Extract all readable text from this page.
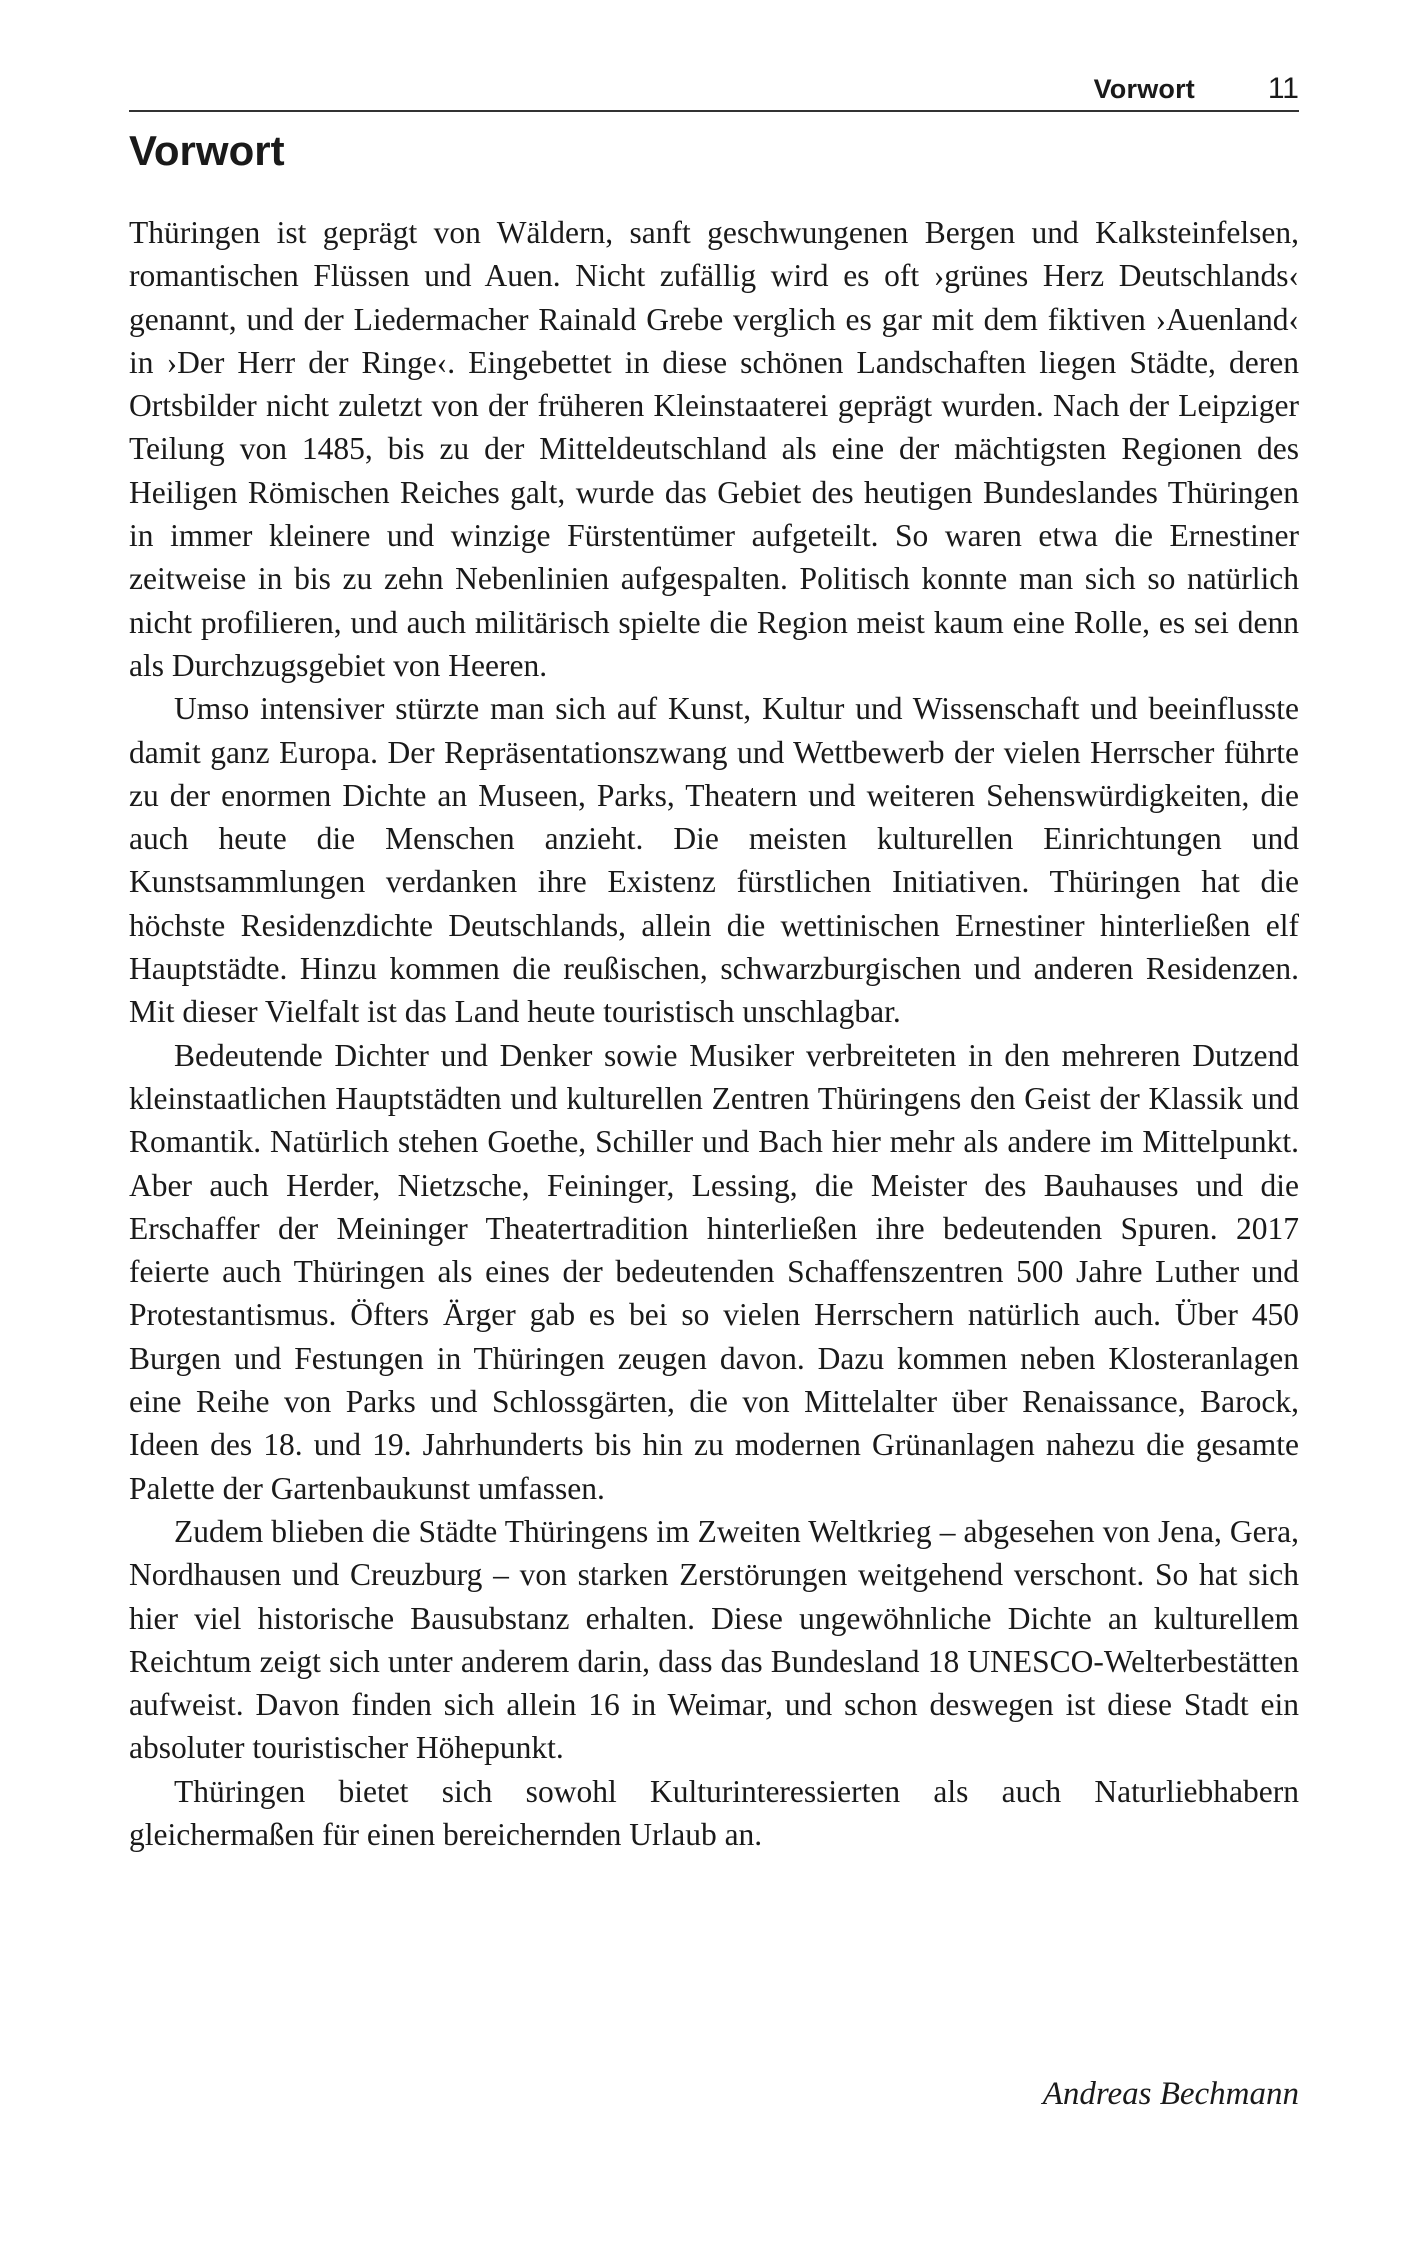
Vorwort 11
Vorwort

Thüringen ist geprägt von Wäldern, sanft geschwungenen Bergen und Kalksteinfelsen, romantischen Flüssen und Auen. Nicht zufällig wird es oft ›grünes Herz Deutschlands‹ genannt, und der Liedermacher Rainald Grebe verglich es gar mit dem fiktiven ›Auenland‹ in ›Der Herr der Ringe‹. Eingebettet in diese schönen Landschaften liegen Städte, deren Ortsbilder nicht zuletzt von der früheren Kleinstaaterei geprägt wurden. Nach der Leipziger Teilung von 1485, bis zu der Mitteldeutschland als eine der mächtigsten Regionen des Heiligen Römischen Reiches galt, wurde das Gebiet des heutigen Bundeslandes Thüringen in immer kleinere und winzige Fürstentümer aufgeteilt. So waren etwa die Ernestiner zeitweise in bis zu zehn Nebenlinien aufgespalten. Politisch konnte man sich so natürlich nicht profilieren, und auch militärisch spielte die Region meist kaum eine Rolle, es sei denn als Durchzugsgebiet von Heeren.

Umso intensiver stürzte man sich auf Kunst, Kultur und Wissenschaft und beeinflusste damit ganz Europa. Der Repräsentationszwang und Wettbewerb der vielen Herrscher führte zu der enormen Dichte an Museen, Parks, Theatern und weiteren Sehenswürdigkeiten, die auch heute die Menschen anzieht. Die meisten kulturellen Einrichtungen und Kunstsammlungen verdanken ihre Existenz fürstlichen Initiativen. Thüringen hat die höchste Residenzdichte Deutschlands, allein die wettinischen Ernestiner hinterließen elf Hauptstädte. Hinzu kommen die reußischen, schwarzburgischen und anderen Residenzen. Mit dieser Vielfalt ist das Land heute touristisch unschlagbar.

Bedeutende Dichter und Denker sowie Musiker verbreiteten in den mehreren Dutzend kleinstaatlichen Hauptstädten und kulturellen Zentren Thüringens den Geist der Klassik und Romantik. Natürlich stehen Goethe, Schiller und Bach hier mehr als andere im Mittelpunkt. Aber auch Herder, Nietzsche, Feininger, Lessing, die Meister des Bauhauses und die Erschaffer der Meininger Theatertradition hinterließen ihre bedeutenden Spuren. 2017 feierte auch Thüringen als eines der bedeutenden Schaffenszentren 500 Jahre Luther und Protestantismus. Öfters Ärger gab es bei so vielen Herrschern natürlich auch. Über 450 Burgen und Festungen in Thüringen zeugen davon. Dazu kommen neben Klosteranlagen eine Reihe von Parks und Schlossgärten, die von Mittelalter über Renaissance, Barock, Ideen des 18. und 19. Jahrhunderts bis hin zu modernen Grünanlagen nahezu die gesamte Palette der Gartenbaukunst umfassen.

Zudem blieben die Städte Thüringens im Zweiten Weltkrieg – abgesehen von Jena, Gera, Nordhausen und Creuzburg – von starken Zerstörungen weitgehend verschont. So hat sich hier viel historische Bausubstanz erhalten. Diese ungewöhnliche Dichte an kulturellem Reichtum zeigt sich unter anderem darin, dass das Bundesland 18 UNESCO-Welterbestätten aufweist. Davon finden sich allein 16 in Weimar, und schon deswegen ist diese Stadt ein absoluter touristischer Höhepunkt.

Thüringen bietet sich sowohl Kulturinteressierten als auch Naturliebhabern gleichermaßen für einen bereichernden Urlaub an.

Andreas Bechmann
